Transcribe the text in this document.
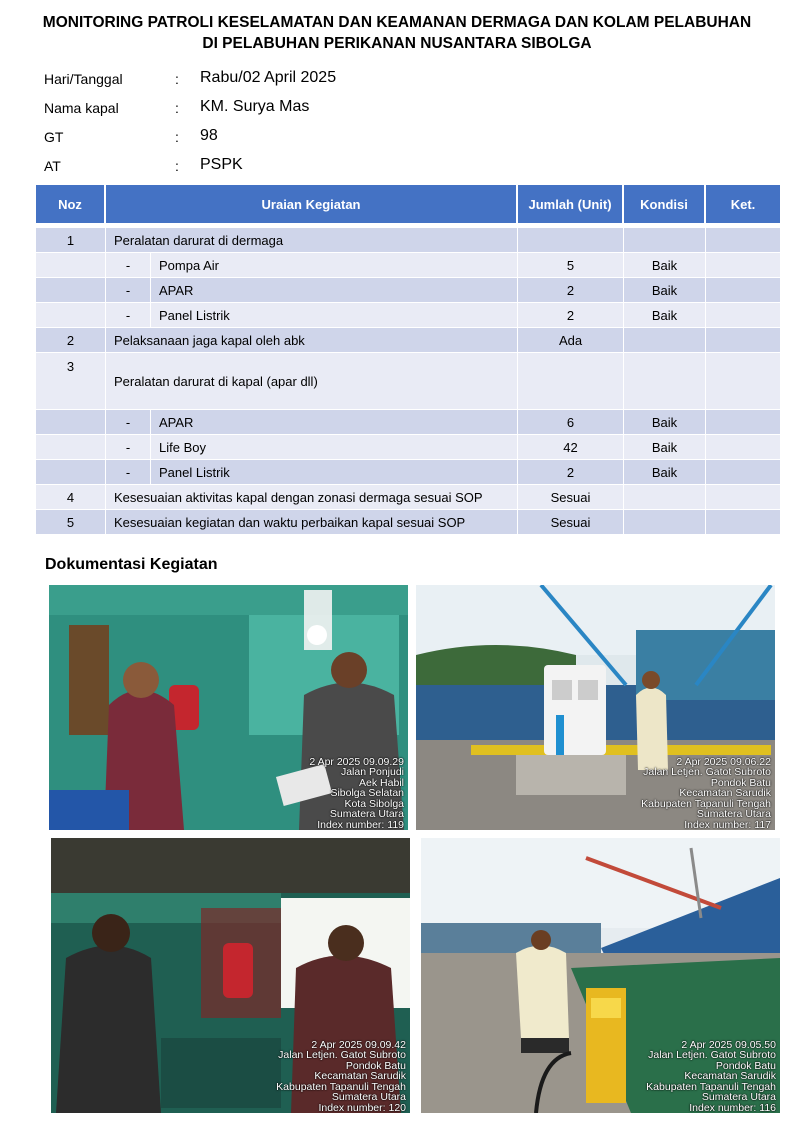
MONITORING PATROLI KESELAMATAN DAN KEAMANAN DERMAGA DAN KOLAM PELABUHAN
DI PELABUHAN PERIKANAN NUSANTARA SIBOLGA
Hari/Tanggal	: Rabu/02 April 2025
Nama kapal	: KM. Surya Mas
GT	: 98
AT	: PSPK
Noz	Uraian Kegiatan		Jumlah (Unit)	Kondisi	Ket.
1	Peralatan darurat di dermaga				
	-	Pompa Air	5	Baik	
	-	APAR	2	Baik	
	-	Panel Listrik	2	Baik	
2	Pelaksanaan jaga kapal oleh abk		Ada		
3	Peralatan darurat di kapal (apar dll)				
	-	APAR	6	Baik	
	-	Life Boy	42	Baik	
	-	Panel Listrik	2	Baik	
4	Kesesuaian aktivitas kapal dengan zonasi dermaga sesuai SOP		Sesuai		
5	Kesesuaian kegiatan dan waktu perbaikan kapal sesuai SOP		Sesuai		
Dokumentasi Kegiatan
2 Apr 2025 09.09.29
Jalan Ponjudi
Aek Habil
Sibolga Selatan
Kota Sibolga
Sumatera Utara
Index number: 119
2 Apr 2025 09.06.22
Jalan Letjen. Gatot Subroto
Pondok Batu
Kecamatan Sarudik
Kabupaten Tapanuli Tengah
Sumatera Utara
Index number: 117
2 Apr 2025 09.09.42
Jalan Letjen. Gatot Subroto
Pondok Batu
Kecamatan Sarudik
Kabupaten Tapanuli Tengah
Sumatera Utara
Index number: 120
2 Apr 2025 09.05.50
Jalan Letjen. Gatot Subroto
Pondok Batu
Kecamatan Sarudik
Kabupaten Tapanuli Tengah
Sumatera Utara
Index number: 116
